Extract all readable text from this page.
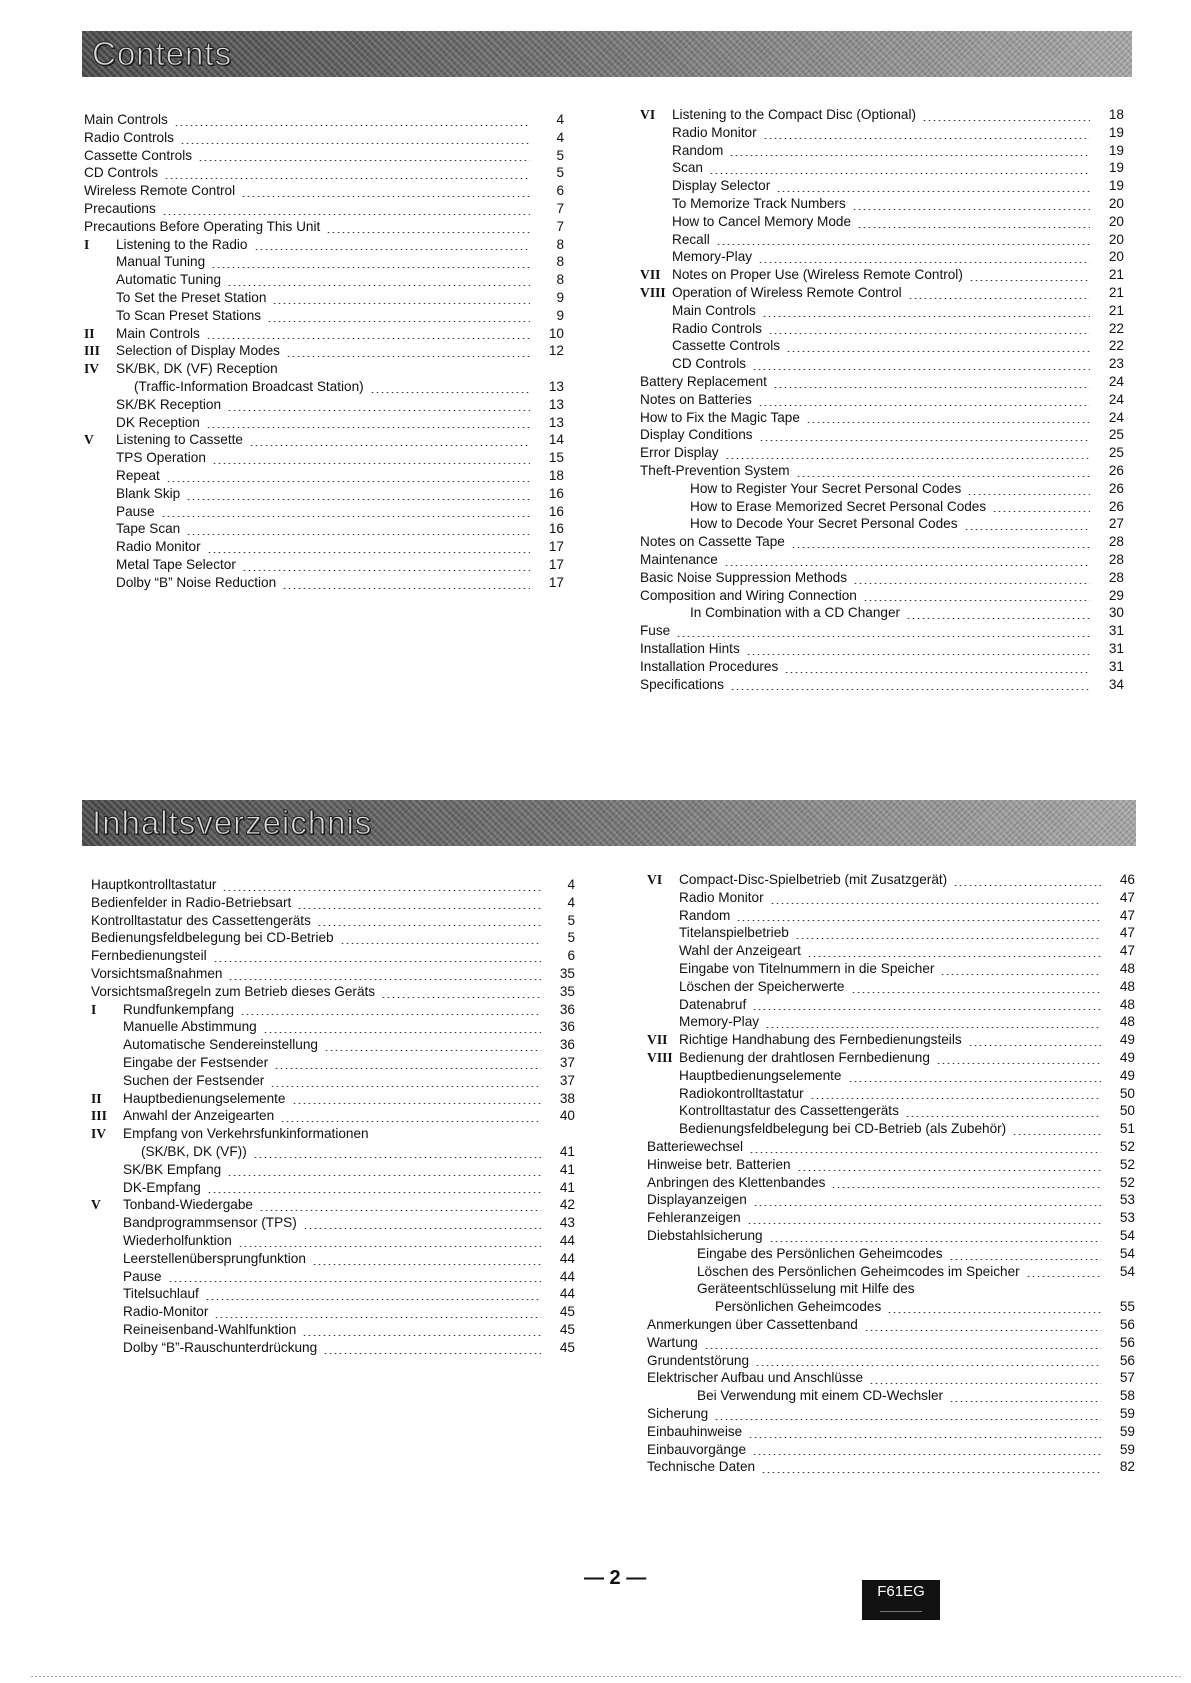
Contents
Main Controls	4
Radio Controls	4
Cassette Controls	5
CD Controls	5
Wireless Remote Control	6
Precautions	7
Precautions Before Operating This Unit	7
I	Listening to the Radio	8
Manual Tuning	8
Automatic Tuning	8
To Set the Preset Station	9
To Scan Preset Stations	9
II	Main Controls	10
III	Selection of Display Modes	12
IV	SK/BK, DK (VF) Reception
(Traffic-Information Broadcast Station)	13
SK/BK Reception	13
DK Reception	13
V	Listening to Cassette	14
TPS Operation	15
Repeat	18
Blank Skip	16
Pause	16
Tape Scan	16
Radio Monitor	17
Metal Tape Selector	17
Dolby “B” Noise Reduction	17
VI	Listening to the Compact Disc (Optional)	18
Radio Monitor	19
Random	19
Scan	19
Display Selector	19
To Memorize Track Numbers	20
How to Cancel Memory Mode	20
Recall	20
Memory-Play	20
VII Notes on Proper Use (Wireless Remote Control)	21
VIII Operation of Wireless Remote Control	21
Main Controls	21
Radio Controls	22
Cassette Controls	22
CD Controls	23
Battery Replacement	24
Notes on Batteries	24
How to Fix the Magic Tape	24
Display Conditions	25
Error Display	25
Theft-Prevention System	26
How to Register Your Secret Personal Codes	26
How to Erase Memorized Secret Personal Codes	26
How to Decode Your Secret Personal Codes	27
Notes on Cassette Tape	28
Maintenance	28
Basic Noise Suppression Methods	28
Composition and Wiring Connection	29
In Combination with a CD Changer	30
Fuse	31
Installation Hints	31
Installation Procedures	31
Specifications	34
Inhaltsverzeichnis
Hauptkontrolltastatur	4
Bedienfelder in Radio-Betriebsart	4
Kontrolltastatur des Cassettengeräts	5
Bedienungsfeldbelegung bei CD-Betrieb	5
Fernbedienungsteil	6
Vorsichtsmaßnahmen	35
Vorsichtsmaßregeln zum Betrieb dieses Geräts	35
I	Rundfunkempfang	36
Manuelle Abstimmung	36
Automatische Sendereinstellung	36
Eingabe der Festsender	37
Suchen der Festsender	37
II	Hauptbedienungselemente	38
III	Anwahl der Anzeigearten	40
IV	Empfang von Verkehrsfunkinformationen
(SK/BK, DK (VF))	41
SK/BK Empfang	41
DK-Empfang	41
V	Tonband-Wiedergabe	42
Bandprogrammsensor (TPS)	43
Wiederholfunktion	44
Leerstellenübersprungfunktion	44
Pause	44
Titelsuchlauf	44
Radio-Monitor	45
Reineisenband-Wahlfunktion	45
Dolby “B”-Rauschunterdrückung	45
VI	Compact-Disc-Spielbetrieb (mit Zusatzgerät)	46
Radio Monitor	47
Random	47
Titelanspielbetrieb	47
Wahl der Anzeigeart	47
Eingabe von Titelnummern in die Speicher	48
Löschen der Speicherwerte	48
Datenabruf	48
Memory-Play	48
VII Richtige Handhabung des Fernbedienungsteils	49
VIII Bedienung der drahtlosen Fernbedienung	49
Hauptbedienungselemente	49
Radiokontrolltastatur	50
Kontrolltastatur des Cassettengeräts	50
Bedienungsfeldbelegung bei CD-Betrieb (als Zubehör)	51
Batteriewechsel	52
Hinweise betr. Batterien	52
Anbringen des Klettenbandes	52
Displayanzeigen	53
Fehleranzeigen	53
Diebstahlsicherung	54
Eingabe des Persönlichen Geheimcodes	54
Löschen des Persönlichen Geheimcodes im Speicher	54
Geräteentschlüsselung mit Hilfe des
Persönlichen Geheimcodes	55
Anmerkungen über Cassettenband	56
Wartung	56
Grundentstörung	56
Elektrischer Aufbau und Anschlüsse	57
Bei Verwendung mit einem CD-Wechsler	58
Sicherung	59
Einbauhinweise	59
Einbauvorgänge	59
Technische Daten	82
— 2 —
F61EG
